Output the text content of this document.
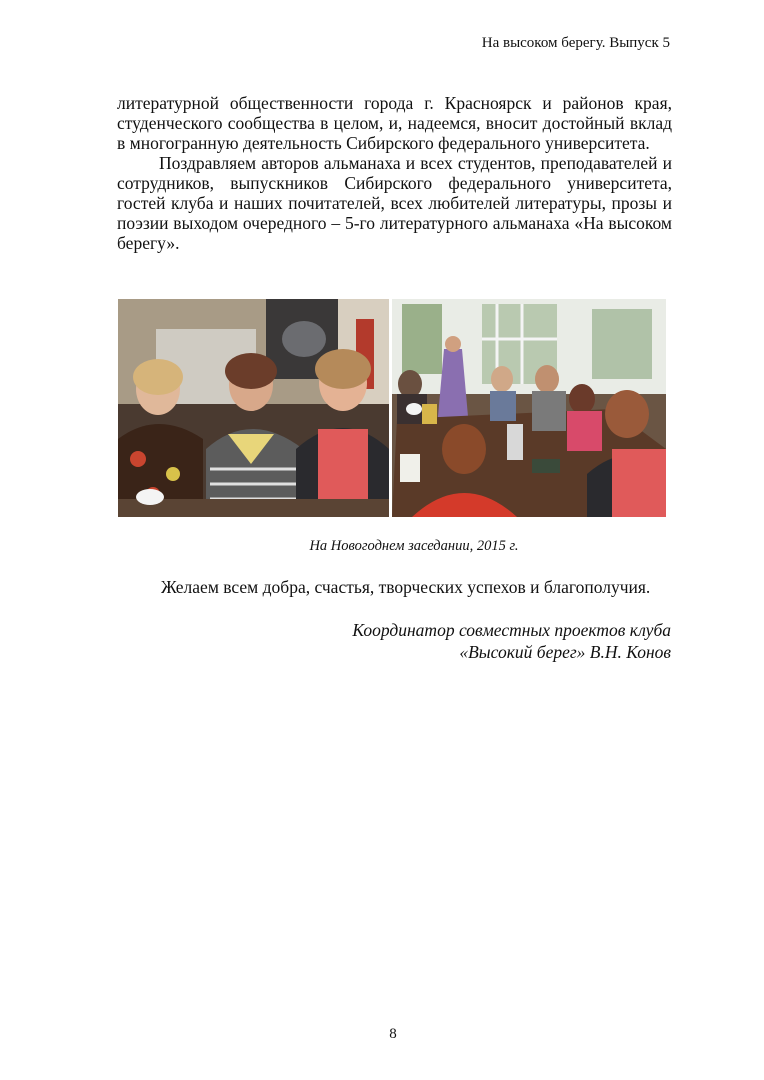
На высоком берегу. Выпуск 5

литературной общественности города г. Красноярск и районов края, студенческого сообщества в целом, и, надеемся, вносит достойный вклад в многогранную деятельность Сибирского федерального университета.

Поздравляем авторов альманаха и всех студентов, преподавателей и сотрудников, выпускников Сибирского федерального университета, гостей клуба и наших почитателей, всех любителей литературы, прозы и поэзии выходом очередного – 5-го литературного альманаха «На высоком берегу».

На Новогоднем заседании, 2015 г.
Желаем всем добра, счастья, творческих успехов и благополучия.
Координатор совместных проектов клуба
«Высокий берег» В.Н. Конов
8
